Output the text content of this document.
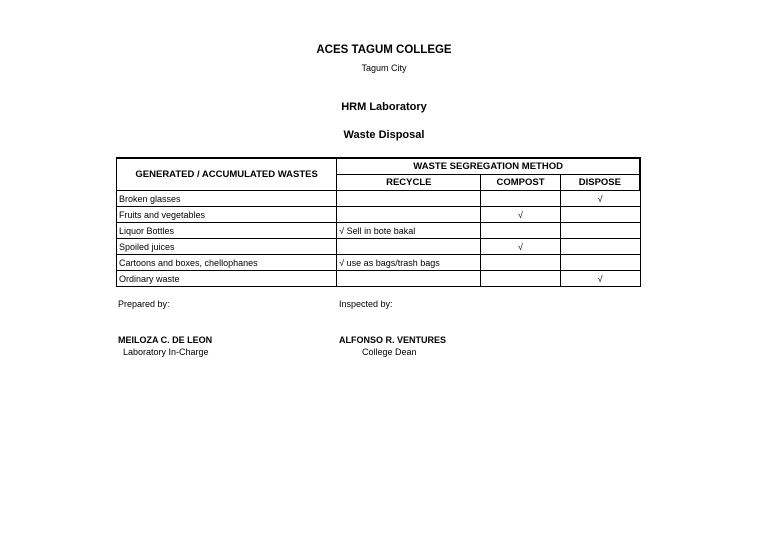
ACES TAGUM COLLEGE
Tagum City
HRM Laboratory
Waste Disposal
GENERATED / ACCUMULATED WASTES	WASTE SEGREGATION METHOD		
	RECYCLE	COMPOST	DISPOSE
Broken glasses			√
Fruits and vegetables		√	
Liquor Bottles	√ Sell in bote bakal		
Spoiled juices		√	
Cartoons and boxes, chellophanes	√ use as bags/trash bags		
Ordinary waste			√
Prepared by:	Inspected by:
MEILOZA C. DE LEON
Laboratory In-Charge
ALFONSO R. VENTURES
College Dean
